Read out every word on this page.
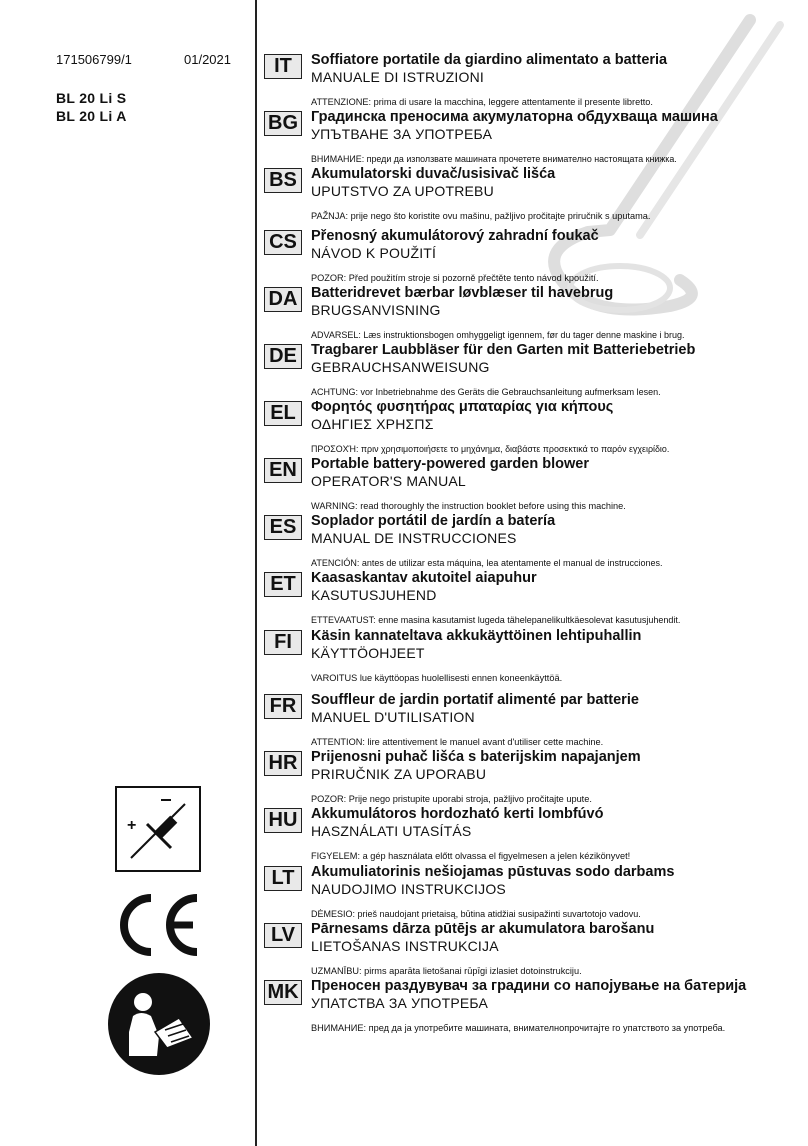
171506799/1	01/2021
BL 20 Li S
BL 20 Li A
IT	Soffiatore portatile da giardino alimentato a batteria
MANUALE DI ISTRUZIONI
ATTENZIONE: prima di usare la macchina, leggere attentamente il presente libretto.
BG Градинска преносима акумулаторна обдухваща машина
УПЪТВАНЕ ЗА УПОТРЕБА
ВНИМАНИЕ: преди да използвате машината прочетете внимателно настоящата книжка.
BS Akumulatorski duvač/usisivač lišća
UPUTSTVO ZA UPOTREBU
PAŽNJA: prije nego što koristite ovu mašinu, pažljivo pročitajte priručnik s uputama.
CS Přenosný akumulátorový zahradní foukač
NÁVOD K POUŽITÍ
POZOR: Před použitím stroje si pozorně přečtěte tento návod kpoužití.
DA Batteridrevet bærbar løvblæser til havebrug
BRUGSANVISNING
ADVARSEL: Læs instruktionsbogen omhyggeligt igennem, før du tager denne maskine i brug.
DE Tragbarer Laubbläser für den Garten mit Batteriebetrieb
GEBRAUCHSANWEISUNG
ACHTUNG: vor Inbetriebnahme des Geräts die Gebrauchsanleitung aufmerksam lesen.
EL	Φορητός φυσητήρας μπαταρίας για κήπους
ΟΔΗΓΙΕΣ ΧΡΗΣΠΣ
ΠΡΟΣΟΧΉ: πριν χρησιμοποιήσετε το μηχάνημα, διαβάστε προσεκτικά το παρόν εγχειρίδιο.
EN Portable battery-powered garden blower
OPERATOR'S MANUAL
WARNING: read thoroughly the instruction booklet before using this machine.
ES	Soplador portátil de jardín a batería
MANUAL DE INSTRUCCIONES
ATENCIÓN: antes de utilizar esta máquina, lea atentamente el manual de instrucciones.
ET	Kaasaskantav akutoitel aiapuhur
KASUTUSJUHEND
ETTEVAATUST: enne masina kasutamist lugeda tähelepanelikultkäesolevat kasutusjuhendit.
FI	Käsin kannateltava akkukäyttöinen lehtipuhallin
KÄYTTÖOHJEET
VAROITUS lue käyttöopas huolellisesti ennen koneenkäyttöä.
FR	Souffleur de jardin portatif alimenté par batterie
MANUEL D'UTILISATION
ATTENTION: lire attentivement le manuel avant d'utiliser cette machine.
HR Prijenosni puhač lišća s baterijskim napajanjem
PRIRUČNIK ZA UPORABU
POZOR: Prije nego pristupite uporabi stroja, pažljivo pročitajte upute.
HU Akkumulátoros hordozható kerti lombfúvó
HASZNÁLATI UTASÍTÁS
FIGYELEM: a gép használata előtt olvassa el figyelmesen a jelen kézikönyvet!
LT	Akumuliatorinis nešiojamas pūstuvas sodo darbams
NAUDOJIMO INSTRUKCIJOS
DĖMESIO: prieš naudojant prietaisą, būtina atidžiai susipažinti suvartotojo vadovu.
LV	Pārnesams dārza pūtējs ar akumulatora barošanu
LIETOŠANAS INSTRUKCIJA
UZMANĪBU: pirms aparāta lietošanai rūpīgi izlasiet dotoinstrukciju.
MK Преносен раздувувач за градини со напојување на батерија
УПАТСТВА ЗА УПОТРЕБА
ВНИМАНИЕ: пред да ја употребите машината, внимателнопрочитајте го упатството за употреба.
+
